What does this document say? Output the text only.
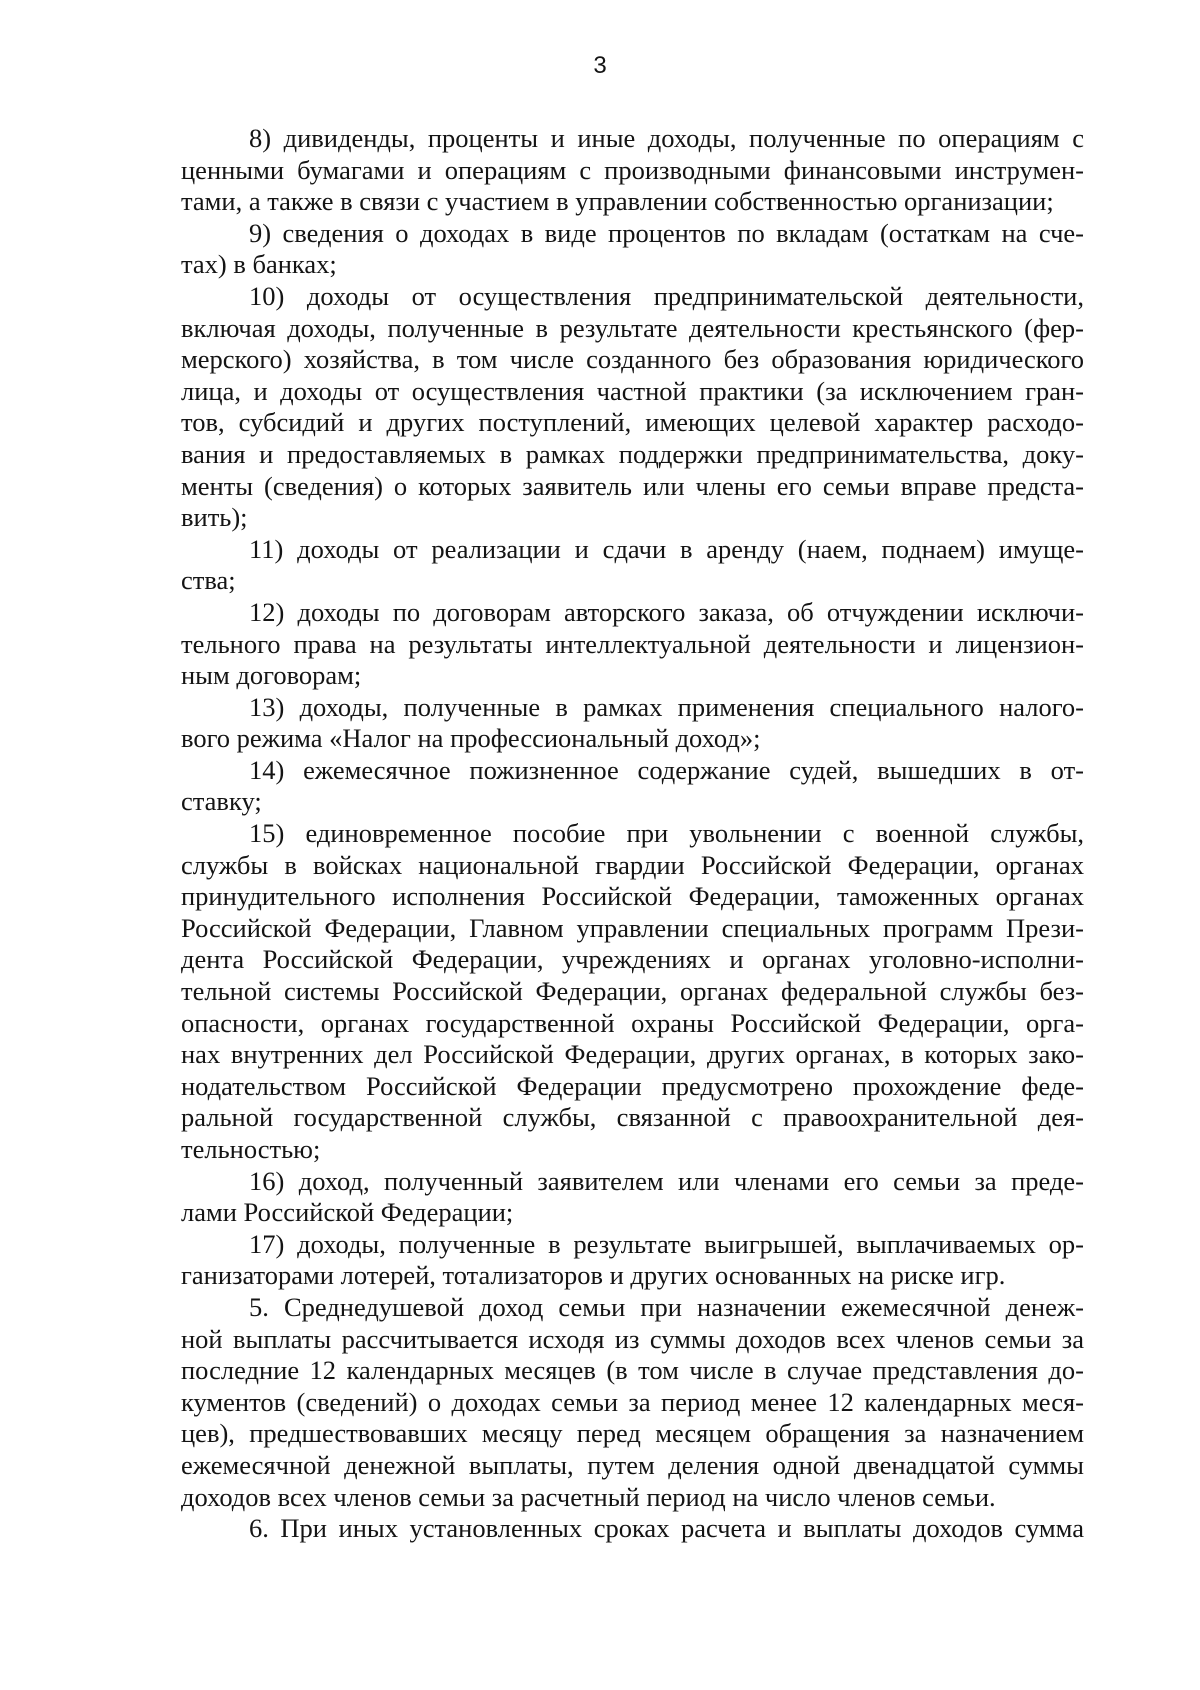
3
8) дивиденды, проценты и иные доходы, полученные по операциям с
ценными бумагами и операциям с производными финансовыми инструмен-
тами, а также в связи с участием в управлении собственностью организации;
9) сведения о доходах в виде процентов по вкладам (остаткам на сче-
тах) в банках;
10) доходы от осуществления предпринимательской деятельности,
включая доходы, полученные в результате деятельности крестьянского (фер-
мерского) хозяйства, в том числе созданного без образования юридического
лица, и доходы от осуществления частной практики (за исключением гран-
тов, субсидий и других поступлений, имеющих целевой характер расходо-
вания и предоставляемых в рамках поддержки предпринимательства, доку-
менты (сведения) о которых заявитель или члены его семьи вправе предста-
вить);
11) доходы от реализации и сдачи в аренду (наем, поднаем) имуще-
ства;
12) доходы по договорам авторского заказа, об отчуждении исключи-
тельного права на результаты интеллектуальной деятельности и лицензион-
ным договорам;
13) доходы, полученные в рамках применения специального налого-
вого режима «Налог на профессиональный доход»;
14) ежемесячное пожизненное содержание судей, вышедших в от-
ставку;
15) единовременное пособие при увольнении с военной службы,
службы в войсках национальной гвардии Российской Федерации, органах
принудительного исполнения Российской Федерации, таможенных органах
Российской Федерации, Главном управлении специальных программ Прези-
дента Российской Федерации, учреждениях и органах уголовно-исполни-
тельной системы Российской Федерации, органах федеральной службы без-
опасности, органах государственной охраны Российской Федерации, орга-
нах внутренних дел Российской Федерации, других органах, в которых зако-
нодательством Российской Федерации предусмотрено прохождение феде-
ральной государственной службы, связанной с правоохранительной дея-
тельностью;
16) доход, полученный заявителем или членами его семьи за преде-
лами Российской Федерации;
17) доходы, полученные в результате выигрышей, выплачиваемых ор-
ганизаторами лотерей, тотализаторов и других основанных на риске игр.
5. Среднедушевой доход семьи при назначении ежемесячной денеж-
ной выплаты рассчитывается исходя из суммы доходов всех членов семьи за
последние 12 календарных месяцев (в том числе в случае представления до-
кументов (сведений) о доходах семьи за период менее 12 календарных меся-
цев), предшествовавших месяцу перед месяцем обращения за назначением
ежемесячной денежной выплаты, путем деления одной двенадцатой суммы
доходов всех членов семьи за расчетный период на число членов семьи.
6. При иных установленных сроках расчета и выплаты доходов сумма
